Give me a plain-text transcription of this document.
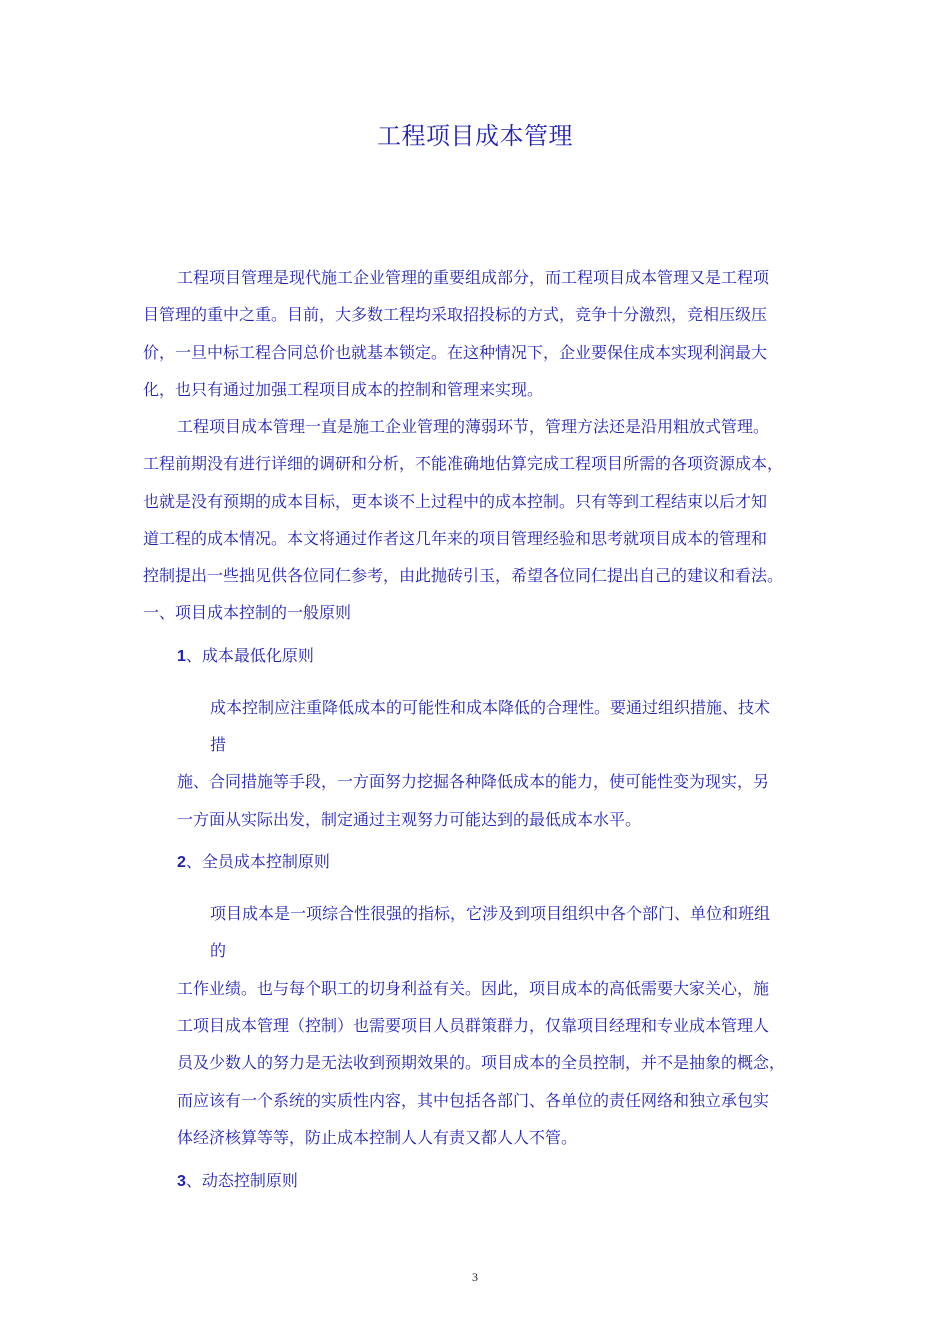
工程项目成本管理
工程项目管理是现代施工企业管理的重要组成部分，而工程项目成本管理又是工程项
目管理的重中之重。目前，大多数工程均采取招投标的方式，竞争十分激烈，竞相压级压
价，一旦中标工程合同总价也就基本锁定。在这种情况下，企业要保住成本实现利润最大
化，也只有通过加强工程项目成本的控制和管理来实现。
工程项目成本管理一直是施工企业管理的薄弱环节，管理方法还是沿用粗放式管理。
工程前期没有进行详细的调研和分析，不能准确地估算完成工程项目所需的各项资源成本，
也就是没有预期的成本目标，更本谈不上过程中的成本控制。只有等到工程结束以后才知
道工程的成本情况。本文将通过作者这几年来的项目管理经验和思考就项目成本的管理和
控制提出一些拙见供各位同仁参考，由此抛砖引玉，希望各位同仁提出自己的建议和看法。
一、项目成本控制的一般原则
1、成本最低化原则
成本控制应注重降低成本的可能性和成本降低的合理性。要通过组织措施、技术
措
施、合同措施等手段，一方面努力挖掘各种降低成本的能力，使可能性变为现实，另
一方面从实际出发，制定通过主观努力可能达到的最低成本水平。
2、全员成本控制原则
项目成本是一项综合性很强的指标，它涉及到项目组织中各个部门、单位和班组
的
工作业绩。也与每个职工的切身利益有关。因此，项目成本的高低需要大家关心，施
工项目成本管理（控制）也需要项目人员群策群力，仅靠项目经理和专业成本管理人
员及少数人的努力是无法收到预期效果的。项目成本的全员控制，并不是抽象的概念，
而应该有一个系统的实质性内容，其中包括各部门、各单位的责任网络和独立承包实
体经济核算等等，防止成本控制人人有责又都人人不管。
3、动态控制原则
3
